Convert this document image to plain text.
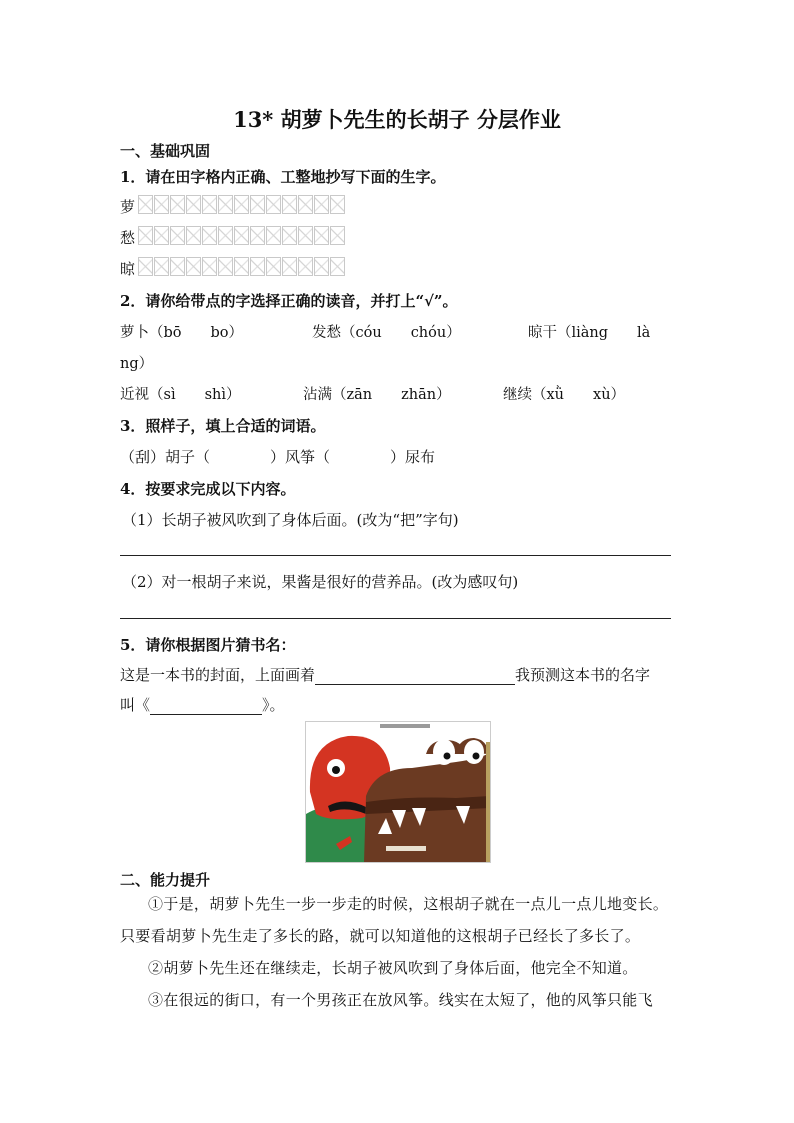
13* 胡萝卜先生的长胡子 分层作业
一、基础巩固
1．请在田字格内正确、工整地抄写下面的生字。
萝
愁
晾
2．请你给带点的字选择正确的读音，并打上“√”。
萝卜（bō　　bo）	发愁（cóu　　chóu）	晾干（liàng　　là
ng）
近视（sì　　shì）	沾满（zān　　zhān）	继续（xǜ　　xù）
3．照样子，填上合适的词语。
（刮）胡子（　　　　）风筝（　　　　）尿布
4．按要求完成以下内容。
（1）长胡子被风吹到了身体后面。(改为“把”字句)
（2）对一根胡子来说，果酱是很好的营养品。(改为感叹句)
5．请你根据图片猜书名：
这是一本书的封面，上面画着	我预测这本书的名字
叫《	》。
二、能力提升
①于是，胡萝卜先生一步一步走的时候，这根胡子就在一点儿一点儿地变长。
只要看胡萝卜先生走了多长的路，就可以知道他的这根胡子已经长了多长了。
②胡萝卜先生还在继续走，长胡子被风吹到了身体后面，他完全不知道。
③在很远的街口，有一个男孩正在放风筝。线实在太短了，他的风筝只能飞
